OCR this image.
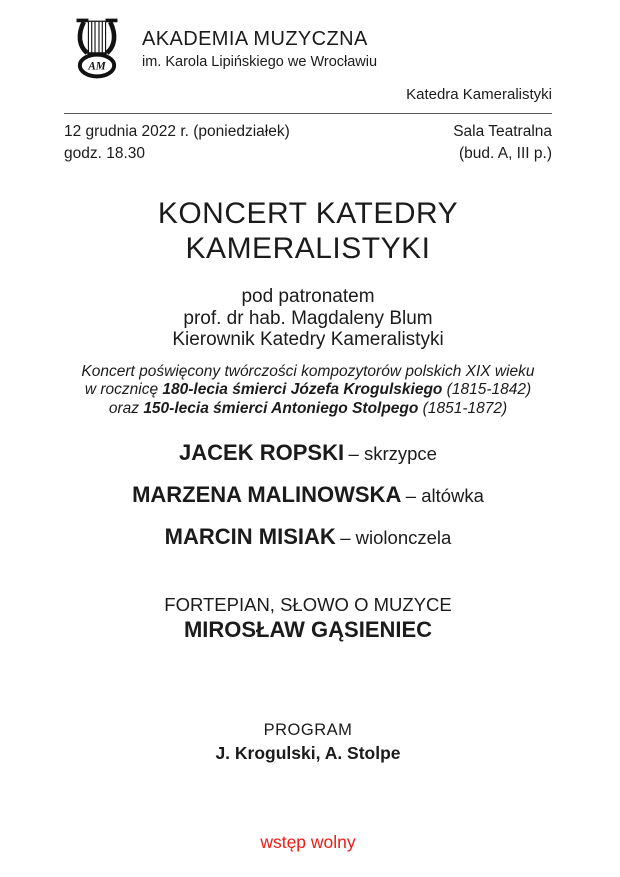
AM
AKADEMIA MUZYCZNA
im. Karola Lipińskiego we Wrocławiu
Katedra Kameralistyki
12 grudnia 2022 r. (poniedziałek)	Sala Teatralna
godz. 18.30	(bud. A, III p.)
KONCERT KATEDRY
KAMERALISTYKI
pod patronatem
prof. dr hab. Magdaleny Blum
Kierownik Katedry Kameralistyki
Koncert poświęcony twórczości kompozytorów polskich XIX wieku
w rocznicę 180-lecia śmierci Józefa Krogulskiego (1815-1842)
oraz 150-lecia śmierci Antoniego Stolpego (1851-1872)
JACEK ROPSKI – skrzypce
MARZENA MALINOWSKA – altówka
MARCIN MISIAK – wiolonczela
FORTEPIAN, SŁOWO O MUZYCE
MIROSŁAW GĄSIENIEC
PROGRAM
J. Krogulski, A. Stolpe
wstęp wolny
